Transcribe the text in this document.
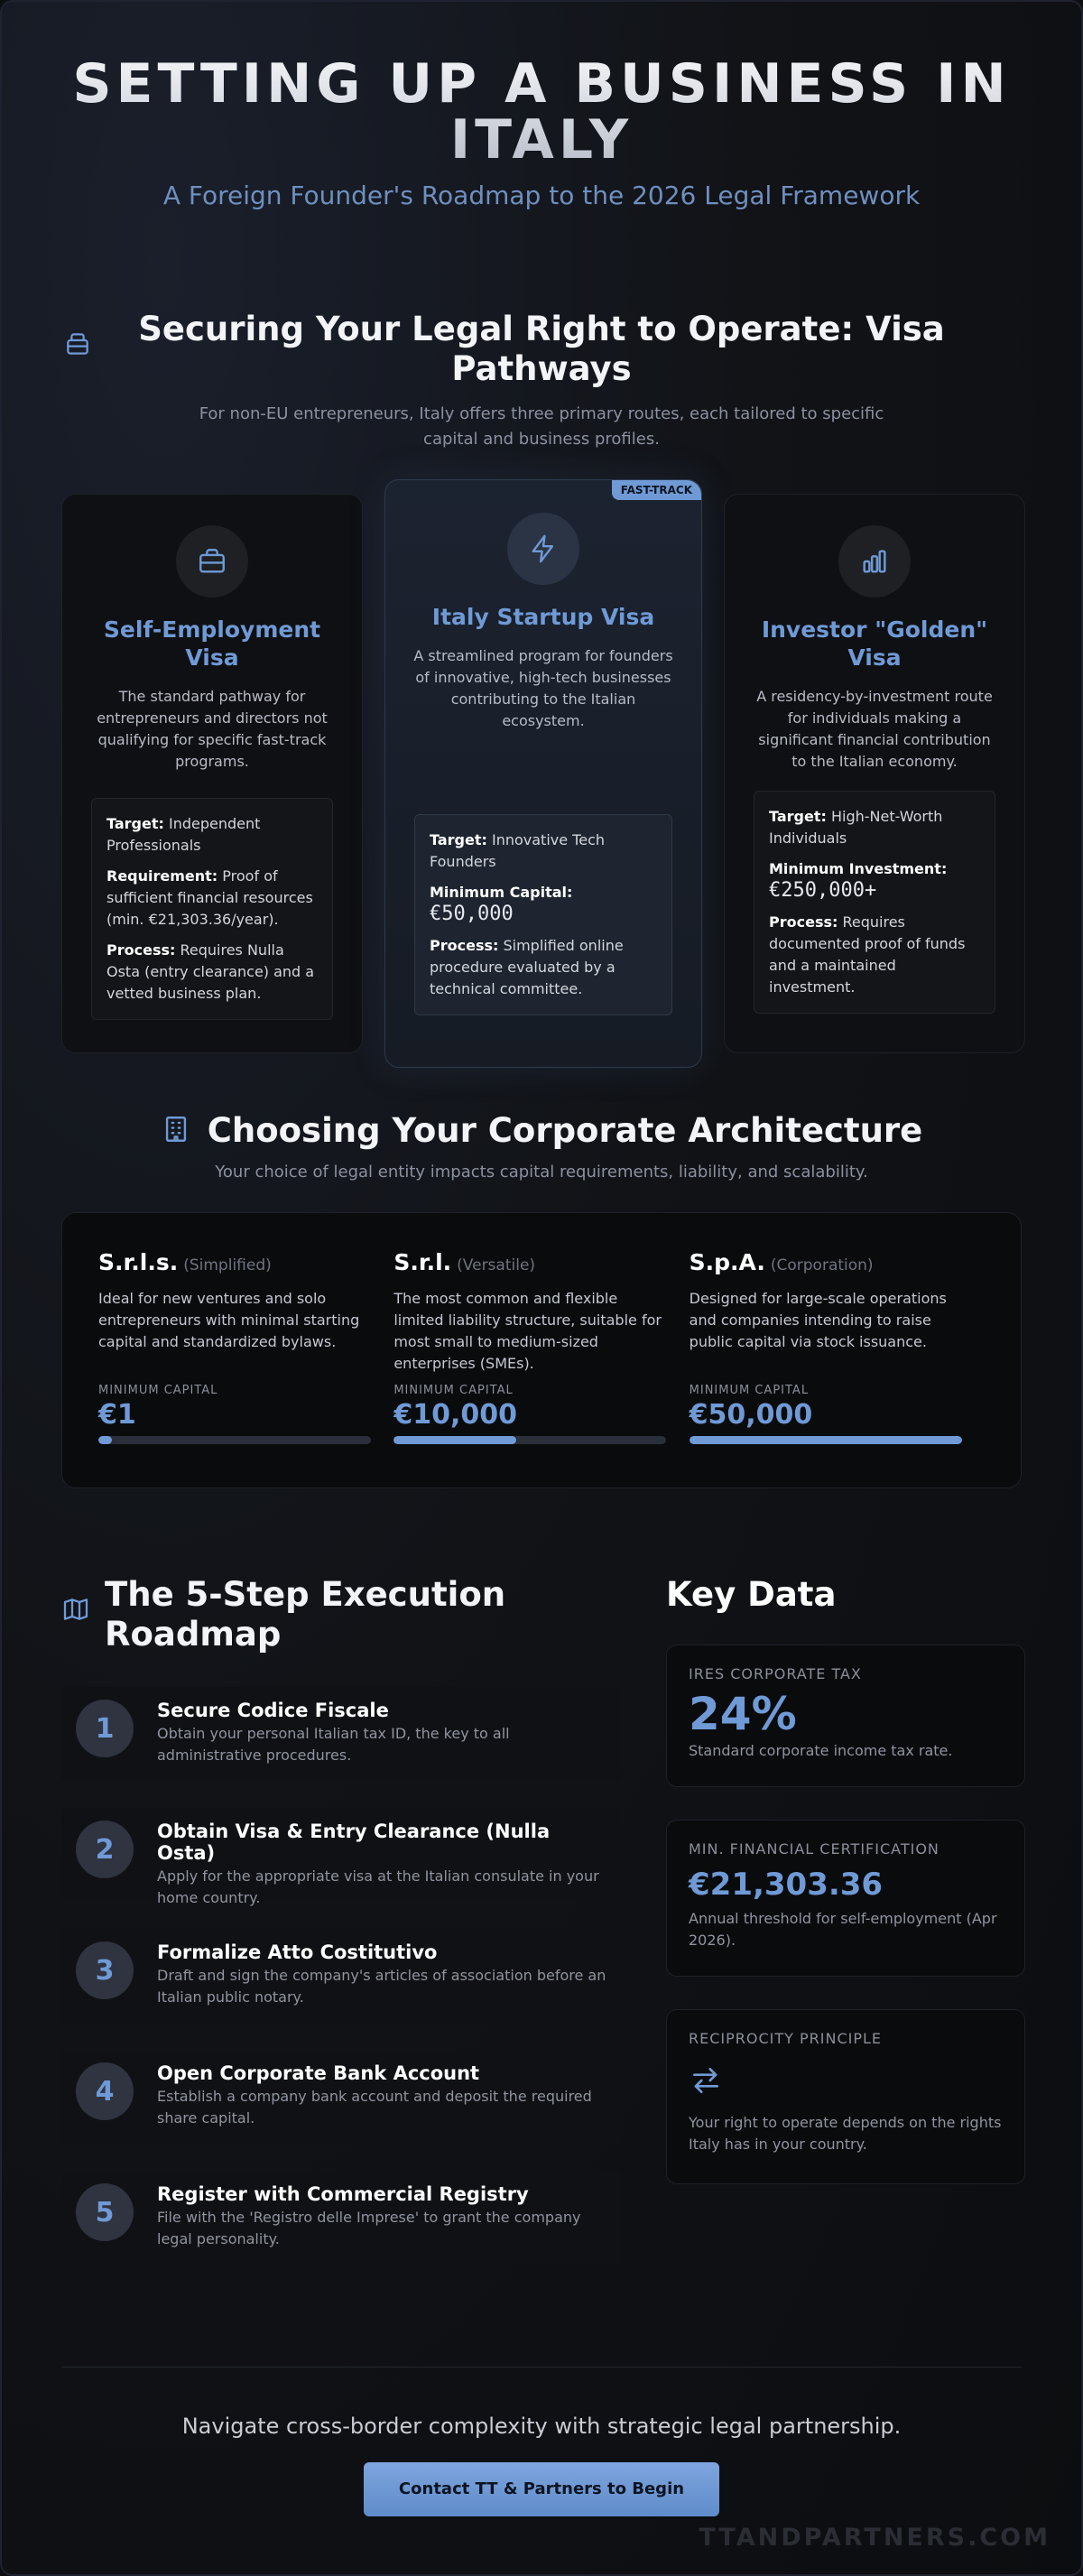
SETTING UP A BUSINESS IN ITALY
A Foreign Founder's Roadmap to the 2026 Legal Framework
Securing Your Legal Right to Operate: Visa Pathways

For non-EU entrepreneurs, Italy offers three primary routes, each tailored to specific capital and business profiles.

Self-Employment Visa

The standard pathway for entrepreneurs and directors not qualifying for specific fast-track programs.

Target: Independent Professionals

Requirement: Proof of sufficient financial resources (min. €21,303.36/year).

Process: Requires Nulla Osta (entry clearance) and a vetted business plan.

FAST-TRACK
Italy Startup Visa

A streamlined program for founders of innovative, high-tech businesses contributing to the Italian ecosystem.

Target: Innovative Tech Founders

Minimum Capital:
€50,000

Process: Simplified online procedure evaluated by a technical committee.

Investor "Golden" Visa

A residency-by-investment route for individuals making a significant financial contribution to the Italian economy.

Target: High-Net-Worth Individuals

Minimum Investment:
€250,000+

Process: Requires documented proof of funds and a maintained investment.

Choosing Your Corporate Architecture

Your choice of legal entity impacts capital requirements, liability, and scalability.

S.r.l.s. (Simplified)

Ideal for new ventures and solo entrepreneurs with minimal starting capital and standardized bylaws.

MINIMUM CAPITAL
€1
S.r.l. (Versatile)

The most common and flexible limited liability structure, suitable for most small to medium-sized enterprises (SMEs).

MINIMUM CAPITAL
€10,000
S.p.A. (Corporation)

Designed for large-scale operations and companies intending to raise public capital via stock issuance.

MINIMUM CAPITAL
€50,000
The 5-Step Execution Roadmap
1
Secure Codice Fiscale
Obtain your personal Italian tax ID, the key to all administrative procedures.
2
Obtain Visa & Entry Clearance (Nulla Osta)
Apply for the appropriate visa at the Italian consulate in your home country.
3
Formalize Atto Costitutivo
Draft and sign the company's articles of association before an Italian public notary.
4
Open Corporate Bank Account
Establish a company bank account and deposit the required share capital.
5
Register with Commercial Registry
File with the 'Registro delle Imprese' to grant the company legal personality.
Key Data
IRES CORPORATE TAX
24%
Standard corporate income tax rate.
MIN. FINANCIAL CERTIFICATION
€21,303.36
Annual threshold for self-employment (Apr 2026).
RECIPROCITY PRINCIPLE
Your right to operate depends on the rights Italy has in your country.

Navigate cross-border complexity with strategic legal partnership.

Contact TT & Partners to Begin
TTANDPARTNERS.COM
